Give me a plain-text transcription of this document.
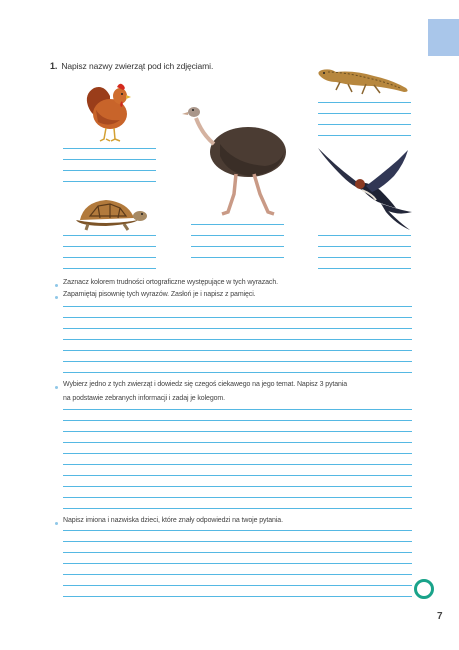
1. Napisz nazwy zwierząt pod ich zdjęciami.
Zaznacz kolorem trudności ortograficzne występujące w tych wyrazach.
Zapamiętaj pisownię tych wyrazów. Zasłoń je i napisz z pamięci.
Wybierz jedno z tych zwierząt i dowiedz się czegoś ciekawego na jego temat. Napisz 3 pytania
na podstawie zebranych informacji i zadaj je kolegom.
Napisz imiona i nazwiska dzieci, które znały odpowiedzi na twoje pytania.
7
